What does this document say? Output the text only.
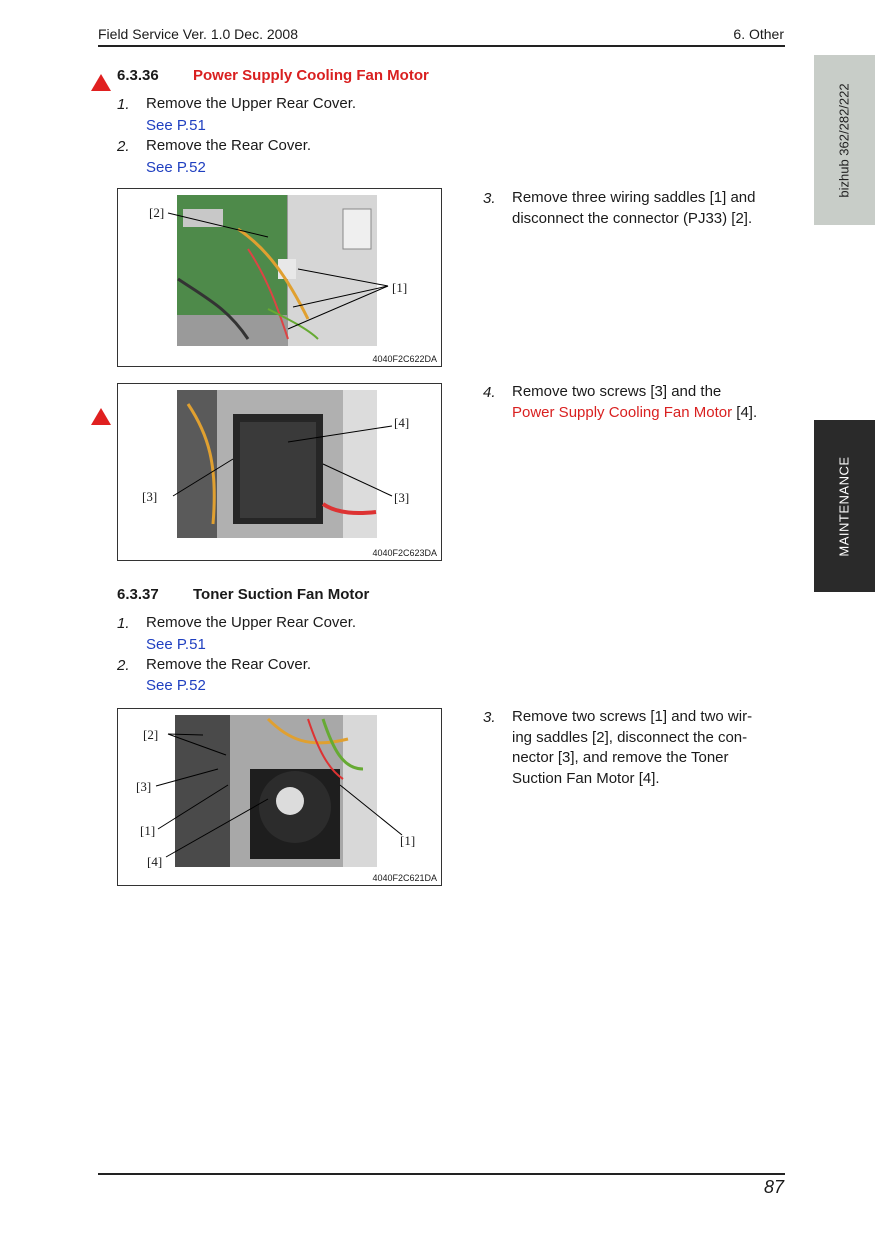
Field Service Ver. 1.0 Dec. 2008	6. Other
bizhub 362/282/222
MAINTENANCE
6.3.36 Power Supply Cooling Fan Motor
1. Remove the Upper Rear Cover.
See P.51
2. Remove the Rear Cover.
See P.52
[2]
[1]
4040F2C622DA
3. Remove three wiring saddles [1] and
disconnect the connector (PJ33) [2].
[4]
[3]	[3]
4040F2C623DA
4. Remove two screws [3] and the
Power Supply Cooling Fan Motor [4].
6.3.37 Toner Suction Fan Motor
1. Remove the Upper Rear Cover.
See P.51
2. Remove the Rear Cover.
See P.52
[2]
[3]
[1]
[4]
[1]
4040F2C621DA
3. Remove two screws [1] and two wir-
ing saddles [2], disconnect the con-
nector [3], and remove the Toner
Suction Fan Motor [4].
87
